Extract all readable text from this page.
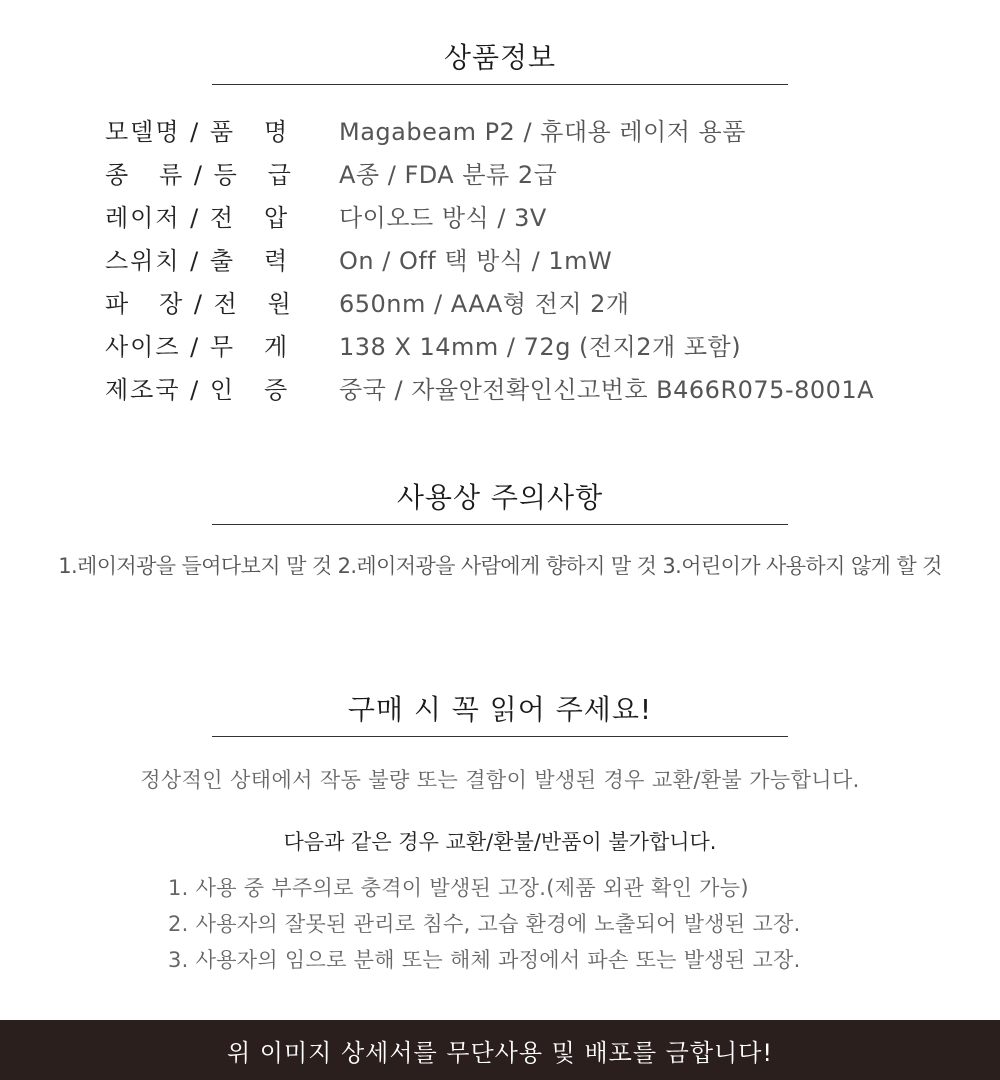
상품정보
모델명 / 품   명	Magabeam P2 / 휴대용 레이저 용품
종   류 / 등   급	A종 / FDA 분류 2급
레이저 / 전   압	다이오드 방식 / 3V
스위치 / 출   력	On / Off 택 방식 / 1mW
파   장 / 전   원	650nm / AAA형 전지 2개
사이즈 / 무   게	138 X 14mm / 72g (전지2개 포함)
제조국 / 인   증	중국 / 자율안전확인신고번호 B466R075-8001A
사용상 주의사항
1.레이저광을 들여다보지 말 것 2.레이저광을 사람에게 향하지 말 것 3.어린이가 사용하지 않게 할 것
구매 시 꼭 읽어 주세요!
정상적인 상태에서 작동 불량 또는 결함이 발생된 경우 교환/환불 가능합니다.
다음과 같은 경우 교환/환불/반품이 불가합니다.
1. 사용 중 부주의로 충격이 발생된 고장.(제품 외관 확인 가능)
2. 사용자의 잘못된 관리로 침수, 고습 환경에 노출되어 발생된 고장.
3. 사용자의 임으로 분해 또는 해체 과정에서 파손 또는 발생된 고장.
위 이미지 상세서를 무단사용 및 배포를 금합니다!
